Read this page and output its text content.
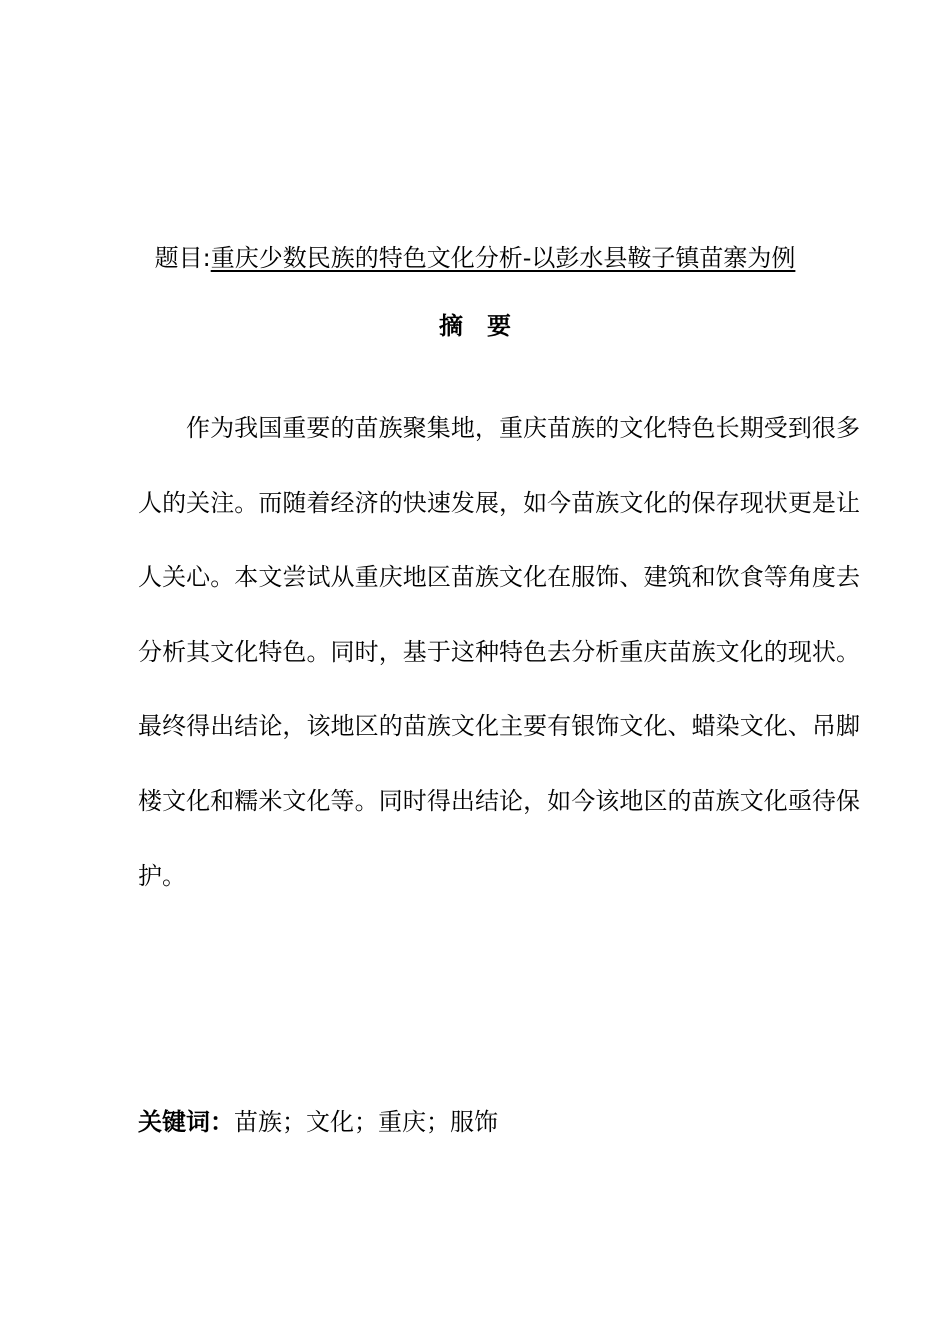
题目:重庆少数民族的特色文化分析-以彭水县鞍子镇苗寨为例
摘要

作为我国重要的苗族聚集地，重庆苗族的文化特色长期受到很多人的关注。而随着经济的快速发展，如今苗族文化的保存现状更是让人关心。本文尝试从重庆地区苗族文化在服饰、建筑和饮食等角度去分析其文化特色。同时，基于这种特色去分析重庆苗族文化的现状。最终得出结论，该地区的苗族文化主要有银饰文化、蜡染文化、吊脚楼文化和糯米文化等。同时得出结论，如今该地区的苗族文化亟待保护。

关键词：苗族；文化；重庆；服饰
